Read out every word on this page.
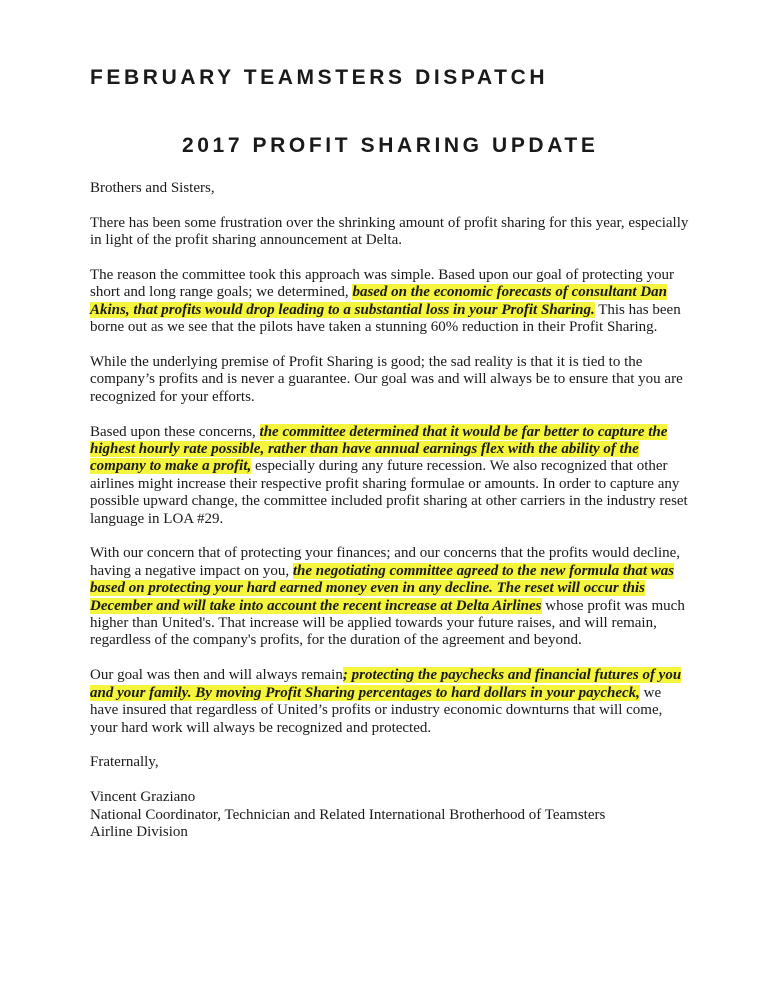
FEBRUARY TEAMSTERS DISPATCH
2017 PROFIT SHARING UPDATE

Brothers and Sisters,

There has been some frustration over the shrinking amount of profit sharing for this year, especially in light of the profit sharing announcement at Delta.

The reason the committee took this approach was simple. Based upon our goal of protecting your short and long range goals; we determined, based on the economic forecasts of consultant Dan Akins, that profits would drop leading to a substantial loss in your Profit Sharing. This has been borne out as we see that the pilots have taken a stunning 60% reduction in their Profit Sharing.

While the underlying premise of Profit Sharing is good; the sad reality is that it is tied to the company’s profits and is never a guarantee. Our goal was and will always be to ensure that you are recognized for your efforts.

Based upon these concerns, the committee determined that it would be far better to capture the highest hourly rate possible, rather than have annual earnings flex with the ability of the company to make a profit, especially during any future recession. We also recognized that other airlines might increase their respective profit sharing formulae or amounts. In order to capture any possible upward change, the committee included profit sharing at other carriers in the industry reset language in LOA #29.

With our concern that of protecting your finances; and our concerns that the profits would decline, having a negative impact on you, the negotiating committee agreed to the new formula that was based on protecting your hard earned money even in any decline. The reset will occur this December and will take into account the recent increase at Delta Airlines whose profit was much higher than United's. That increase will be applied towards your future raises, and will remain, regardless of the company's profits, for the duration of the agreement and beyond.

Our goal was then and will always remain; protecting the paychecks and financial futures of you and your family. By moving Profit Sharing percentages to hard dollars in your paycheck, we have insured that regardless of United’s profits or industry economic downturns that will come, your hard work will always be recognized and protected.

Fraternally,

Vincent Graziano
National Coordinator, Technician and Related International Brotherhood of Teamsters
Airline Division
